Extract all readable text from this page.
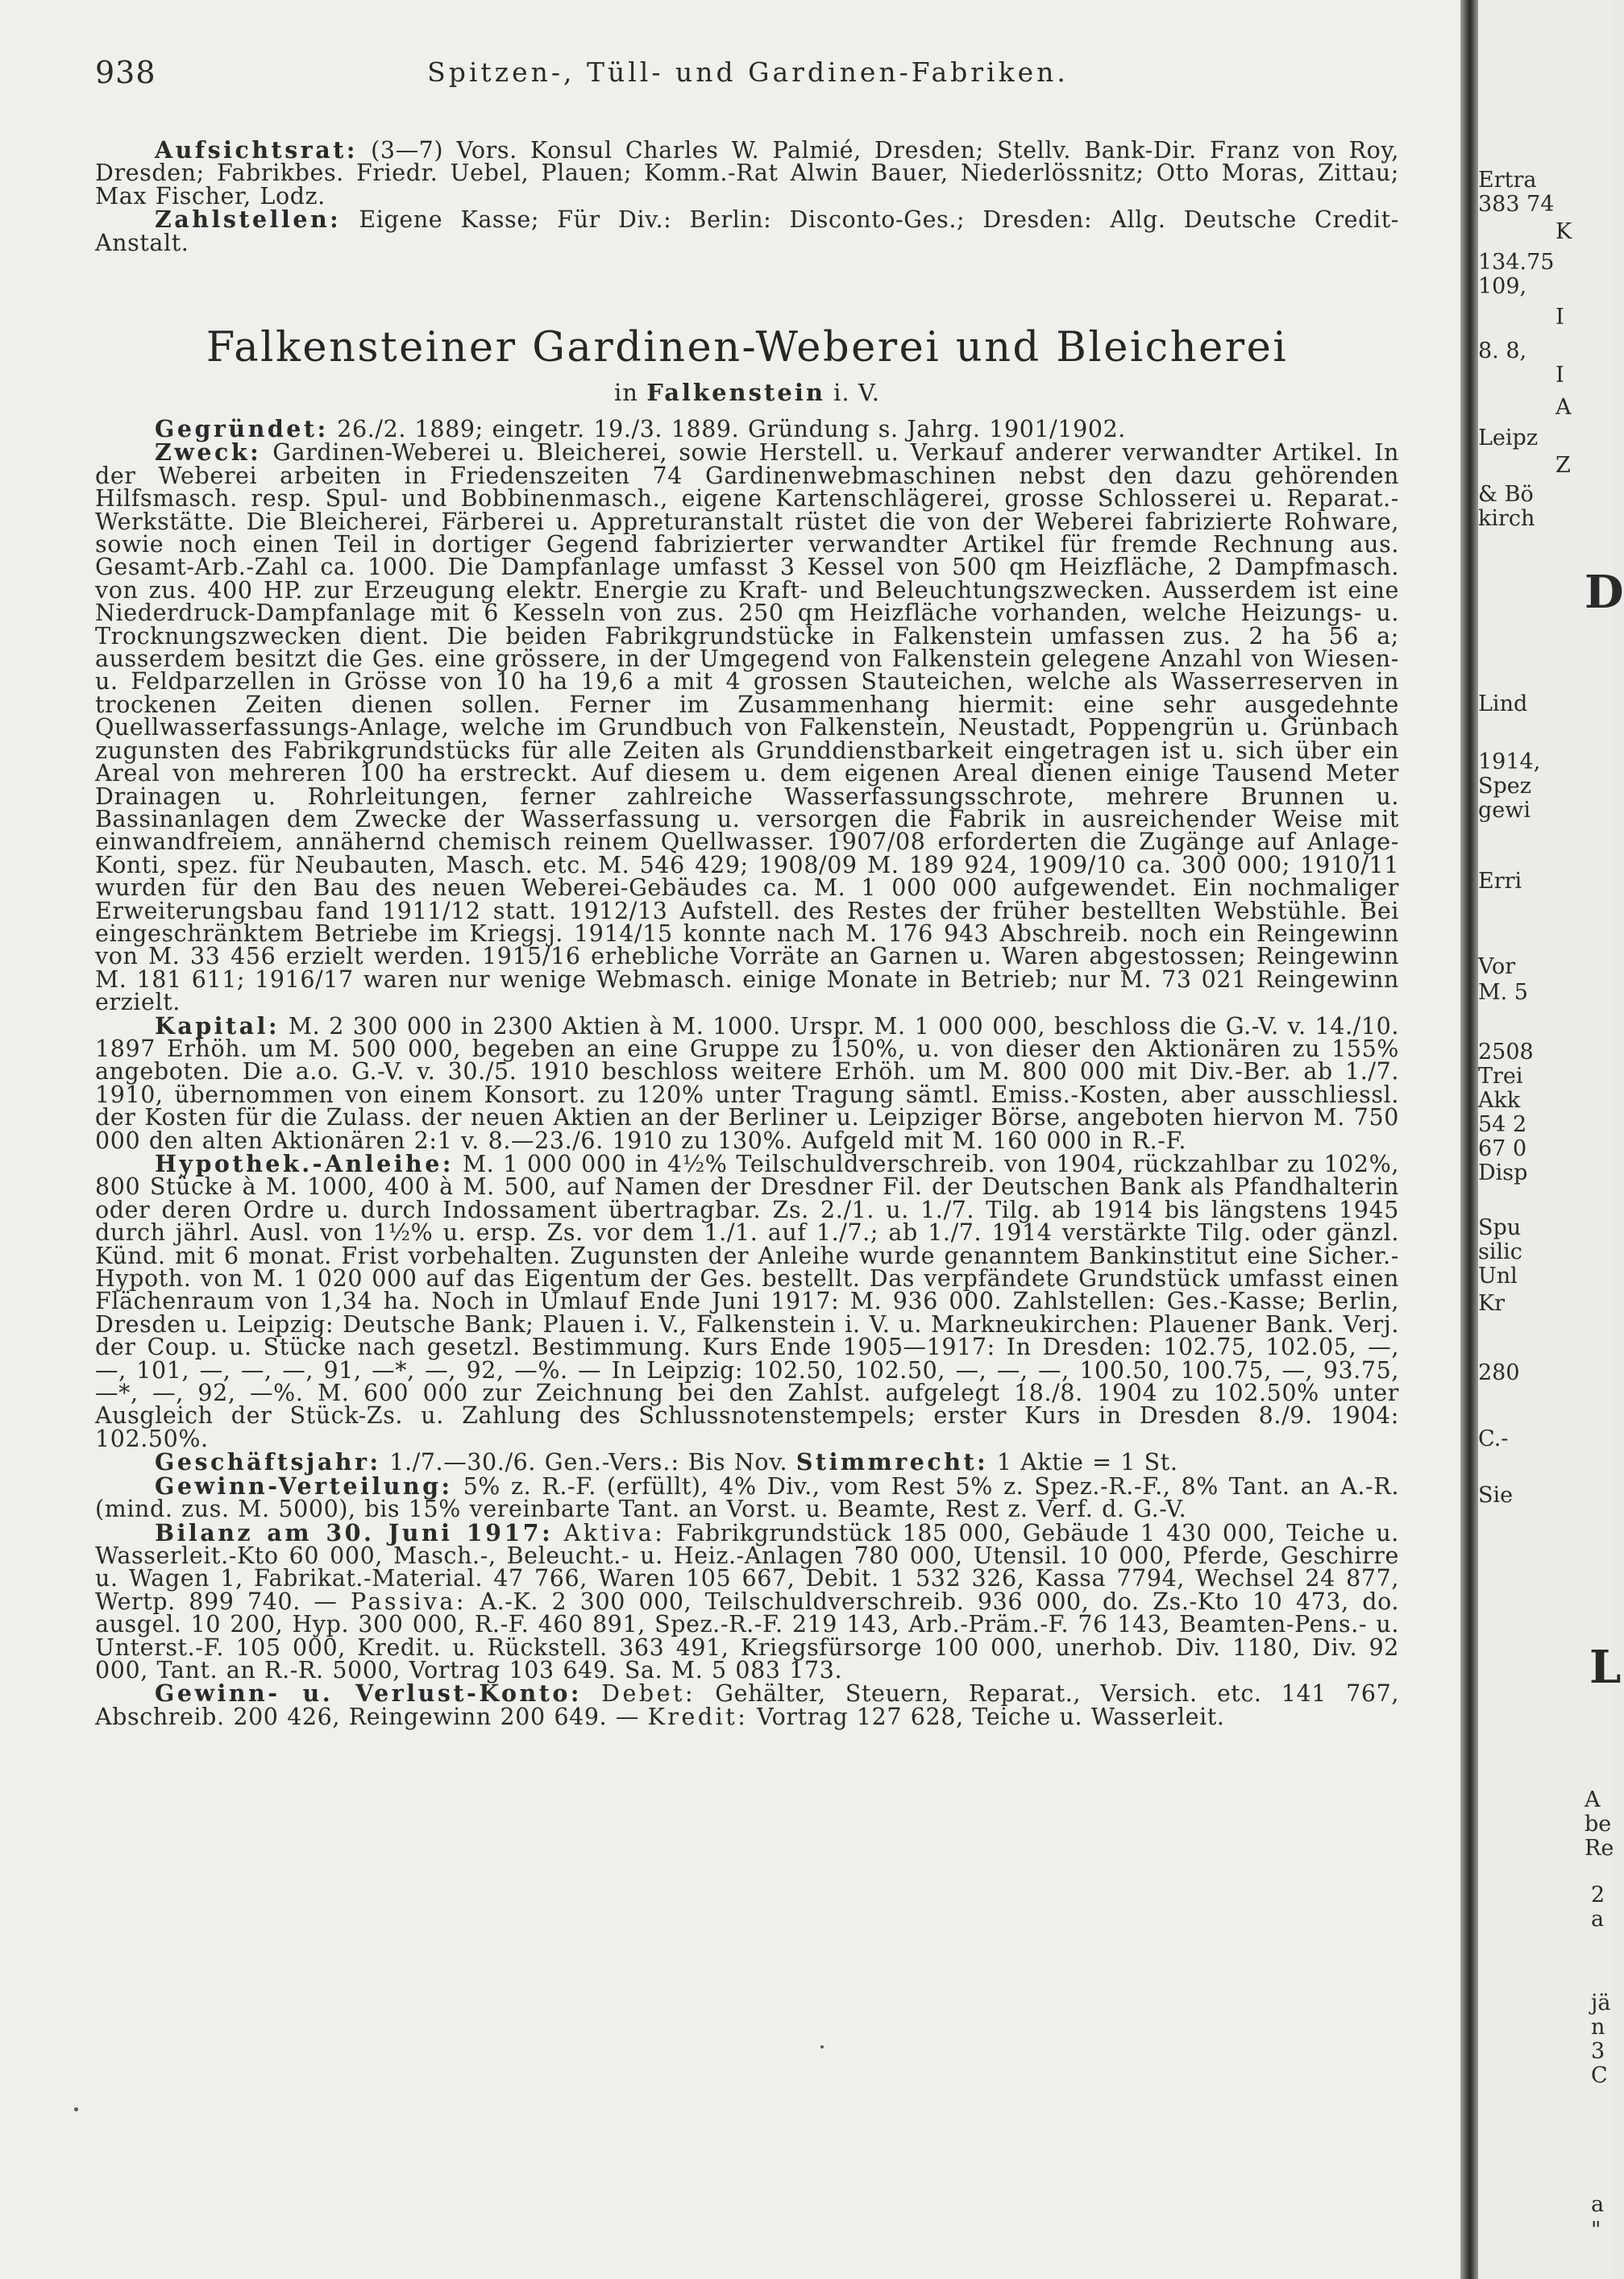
938	Spitzen-, Tüll- und Gardinen-Fabriken.

Aufsichtsrat: (3—7) Vors. Konsul Charles W. Palmié, Dresden; Stellv. Bank-Dir. Franz von Roy, Dresden; Fabrikbes. Friedr. Uebel, Plauen; Komm.-Rat Alwin Bauer, Niederlössnitz; Otto Moras, Zittau; Max Fischer, Lodz.

Zahlstellen: Eigene Kasse; Für Div.: Berlin: Disconto-Ges.; Dresden: Allg. Deutsche Credit-Anstalt.

Falkensteiner Gardinen-Weberei und Bleicherei
in Falkenstein i. V.

Gegründet: 26./2. 1889; eingetr. 19./3. 1889. Gründung s. Jahrg. 1901/1902.

Zweck: Gardinen-Weberei u. Bleicherei, sowie Herstell. u. Verkauf anderer verwandter Artikel. In der Weberei arbeiten in Friedenszeiten 74 Gardinenwebmaschinen nebst den dazu gehörenden Hilfsmasch. resp. Spul- und Bobbinenmasch., eigene Kartenschlägerei, grosse Schlosserei u. Reparat.-Werkstätte. Die Bleicherei, Färberei u. Appreturanstalt rüstet die von der Weberei fabrizierte Rohware, sowie noch einen Teil in dortiger Gegend fabrizierter verwandter Artikel für fremde Rechnung aus. Gesamt-Arb.-Zahl ca. 1000. Die Dampfanlage umfasst 3 Kessel von 500 qm Heizfläche, 2 Dampfmasch. von zus. 400 HP. zur Erzeugung elektr. Energie zu Kraft- und Beleuchtungszwecken. Ausserdem ist eine Niederdruck-Dampfanlage mit 6 Kesseln von zus. 250 qm Heizfläche vorhanden, welche Heizungs- u. Trocknungszwecken dient. Die beiden Fabrikgrundstücke in Falkenstein umfassen zus. 2 ha 56 a; ausserdem besitzt die Ges. eine grössere, in der Umgegend von Falkenstein gelegene Anzahl von Wiesen- u. Feldparzellen in Grösse von 10 ha 19,6 a mit 4 grossen Stauteichen, welche als Wasserreserven in trockenen Zeiten dienen sollen. Ferner im Zusammenhang hiermit: eine sehr ausgedehnte Quellwasserfassungs-Anlage, welche im Grundbuch von Falkenstein, Neustadt, Poppengrün u. Grünbach zugunsten des Fabrikgrundstücks für alle Zeiten als Grunddienstbarkeit eingetragen ist u. sich über ein Areal von mehreren 100 ha erstreckt. Auf diesem u. dem eigenen Areal dienen einige Tausend Meter Drainagen u. Rohrleitungen, ferner zahlreiche Wasserfassungsschrote, mehrere Brunnen u. Bassinanlagen dem Zwecke der Wasserfassung u. versorgen die Fabrik in ausreichender Weise mit einwandfreiem, annähernd chemisch reinem Quellwasser. 1907/08 erforderten die Zugänge auf Anlage-Konti, spez. für Neubauten, Masch. etc. M. 546 429; 1908/09 M. 189 924, 1909/10 ca. 300 000; 1910/11 wurden für den Bau des neuen Weberei-Gebäudes ca. M. 1 000 000 aufgewendet. Ein nochmaliger Erweiterungsbau fand 1911/12 statt. 1912/13 Aufstell. des Restes der früher bestellten Webstühle. Bei eingeschränktem Betriebe im Kriegsj. 1914/15 konnte nach M. 176 943 Abschreib. noch ein Reingewinn von M. 33 456 erzielt werden. 1915/16 erhebliche Vorräte an Garnen u. Waren abgestossen; Reingewinn M. 181 611; 1916/17 waren nur wenige Webmasch. einige Monate in Betrieb; nur M. 73 021 Reingewinn erzielt.

Kapital: M. 2 300 000 in 2300 Aktien à M. 1000. Urspr. M. 1 000 000, beschloss die G.-V. v. 14./10. 1897 Erhöh. um M. 500 000, begeben an eine Gruppe zu 150%, u. von dieser den Aktionären zu 155% angeboten. Die a.o. G.-V. v. 30./5. 1910 beschloss weitere Erhöh. um M. 800 000 mit Div.-Ber. ab 1./7. 1910, übernommen von einem Konsort. zu 120% unter Tragung sämtl. Emiss.-Kosten, aber ausschliessl. der Kosten für die Zulass. der neuen Aktien an der Berliner u. Leipziger Börse, angeboten hiervon M. 750 000 den alten Aktionären 2:1 v. 8.—23./6. 1910 zu 130%. Aufgeld mit M. 160 000 in R.-F.

Hypothek.-Anleihe: M. 1 000 000 in 4½% Teilschuldverschreib. von 1904, rückzahlbar zu 102%, 800 Stücke à M. 1000, 400 à M. 500, auf Namen der Dresdner Fil. der Deutschen Bank als Pfandhalterin oder deren Ordre u. durch Indossament übertragbar. Zs. 2./1. u. 1./7. Tilg. ab 1914 bis längstens 1945 durch jährl. Ausl. von 1½% u. ersp. Zs. vor dem 1./1. auf 1./7.; ab 1./7. 1914 verstärkte Tilg. oder gänzl. Künd. mit 6 monat. Frist vorbehalten. Zugunsten der Anleihe wurde genanntem Bankinstitut eine Sicher.-Hypoth. von M. 1 020 000 auf das Eigentum der Ges. bestellt. Das verpfändete Grundstück umfasst einen Flächenraum von 1,34 ha. Noch in Umlauf Ende Juni 1917: M. 936 000. Zahlstellen: Ges.-Kasse; Berlin, Dresden u. Leipzig: Deutsche Bank; Plauen i. V., Falkenstein i. V. u. Markneukirchen: Plauener Bank. Verj. der Coup. u. Stücke nach gesetzl. Bestimmung. Kurs Ende 1905—1917: In Dresden: 102.75, 102.05, —, —, 101, —, —, —, 91, —*, —, 92, —%. — In Leipzig: 102.50, 102.50, —, —, —, 100.50, 100.75, —, 93.75, —*, —, 92, —%. M. 600 000 zur Zeichnung bei den Zahlst. aufgelegt 18./8. 1904 zu 102.50% unter Ausgleich der Stück-Zs. u. Zahlung des Schlussnotenstempels; erster Kurs in Dresden 8./9. 1904: 102.50%.

Geschäftsjahr: 1./7.—30./6. Gen.-Vers.: Bis Nov. Stimmrecht: 1 Aktie = 1 St.

Gewinn-Verteilung: 5% z. R.-F. (erfüllt), 4% Div., vom Rest 5% z. Spez.-R.-F., 8% Tant. an A.-R. (mind. zus. M. 5000), bis 15% vereinbarte Tant. an Vorst. u. Beamte, Rest z. Verf. d. G.-V.

Bilanz am 30. Juni 1917: Aktiva: Fabrikgrundstück 185 000, Gebäude 1 430 000, Teiche u. Wasserleit.-Kto 60 000, Masch.-, Beleucht.- u. Heiz.-Anlagen 780 000, Utensil. 10 000, Pferde, Geschirre u. Wagen 1, Fabrikat.-Material. 47 766, Waren 105 667, Debit. 1 532 326, Kassa 7794, Wechsel 24 877, Wertp. 899 740. — Passiva: A.-K. 2 300 000, Teilschuldverschreib. 936 000, do. Zs.-Kto 10 473, do. ausgel. 10 200, Hyp. 300 000, R.-F. 460 891, Spez.-R.-F. 219 143, Arb.-Präm.-F. 76 143, Beamten-Pens.- u. Unterst.-F. 105 000, Kredit. u. Rückstell. 363 491, Kriegsfürsorge 100 000, unerhob. Div. 1180, Div. 92 000, Tant. an R.-R. 5000, Vortrag 103 649. Sa. M. 5 083 173.

Gewinn- u. Verlust-Konto: Debet: Gehälter, Steuern, Reparat., Versich. etc. 141 767, Abschreib. 200 426, Reingewinn 200 649. — Kredit: Vortrag 127 628, Teiche u. Wasserleit.

Ertra
383 74
K
134.75
109,
I
8. 8,
I
A
Leipz
Z
& Bö
kirch
D
Lind
1914,
Spez
gewi
Erri
Vor
M. 5
2508
Trei
Akk
54 2
67 0
Disp
Spu
silic
Unl
Kr
280
C.-
Sie
L
A
be
Re
2
a
jä
n
3
C
a
"
